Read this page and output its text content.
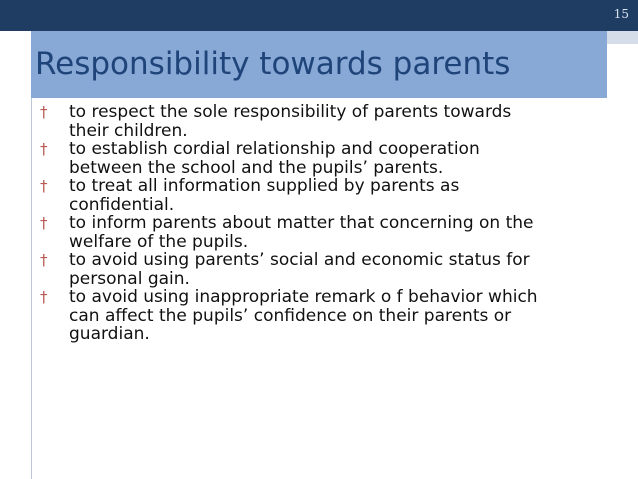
15
Responsibility towards parents
† to respect the sole responsibility of parents towards
their children.
† to establish cordial relationship and cooperation
between the school and the pupils’ parents.
† to treat all information supplied by parents as
confidential.
† to inform parents about matter that concerning on the
welfare of the pupils.
† to avoid using parents’ social and economic status for
personal gain.
† to avoid using inappropriate remark o f behavior which
can affect the pupils’ confidence on their parents or
guardian.
